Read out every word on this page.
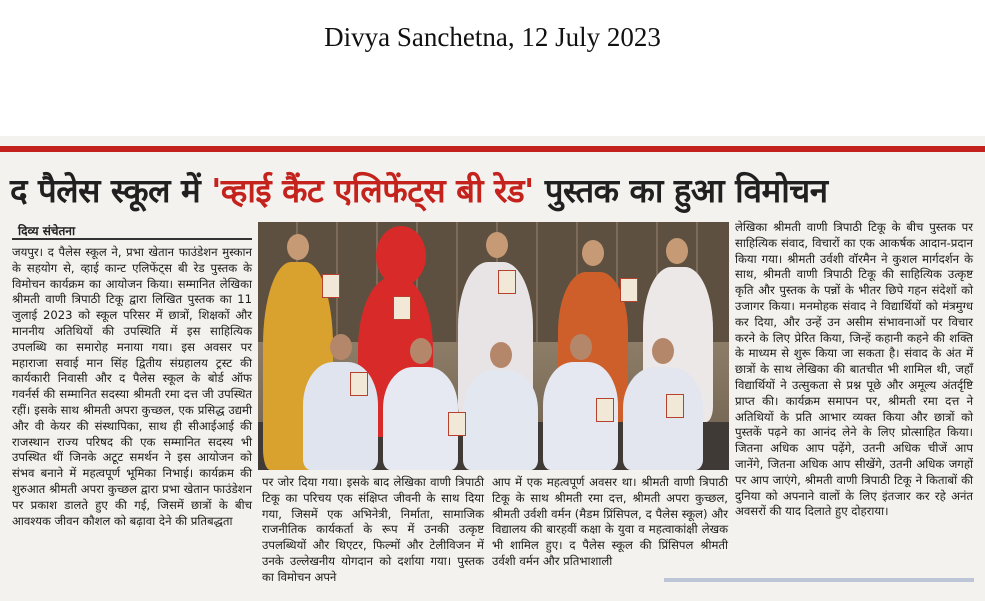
Divya Sanchetna, 12 July 2023
द पैलेस स्कूल में 'व्हाई कैंट एलिफेंट्स बी रेड' पुस्तक का हुआ विमोचन
दिव्य संचेतना

जयपुर। द पैलेस स्कूल ने, प्रभा खेतान फाउंडेशन मुस्कान के सहयोग से, व्हाई कान्ट एलिफेंट्स बी रेड पुस्तक के विमोचन कार्यक्रम का आयोजन किया। सम्मानित लेखिका श्रीमती वाणी त्रिपाठी टिकू द्वारा लिखित पुस्तक का 11 जुलाई 2023 को स्कूल परिसर में छात्रों, शिक्षकों और माननीय अतिथियों की उपस्थिति में इस साहित्यिक उपलब्धि का समारोह मनाया गया। इस अवसर पर महाराजा सवाई मान सिंह द्वितीय संग्रहालय ट्रस्ट की कार्यकारी निवासी और द पैलेस स्कूल के बोर्ड ऑफ गवर्नर्स की सम्मानित सदस्या श्रीमती रमा दत्त जी उपस्थित रहीं। इसके साथ श्रीमती अपरा कुच्छल, एक प्रसिद्ध उद्यमी और वी केयर की संस्थापिका, साथ ही सीआईआई की राजस्थान राज्य परिषद की एक सम्मानित सदस्य भी उपस्थित थीं जिनके अटूट समर्थन ने इस आयोजन को संभव बनाने में महत्वपूर्ण भूमिका निभाई। कार्यक्रम की शुरुआत श्रीमती अपरा कुच्छल द्वारा प्रभा खेतान फाउंडेशन पर प्रकाश डालते हुए की गई, जिसमें छात्रों के बीच आवश्यक जीवन कौशल को बढ़ावा देने की प्रतिबद्धता

पर जोर दिया गया। इसके बाद लेखिका वाणी त्रिपाठी टिकू का परिचय एक संक्षिप्त जीवनी के साथ दिया गया, जिसमें एक अभिनेत्री, निर्माता, सामाजिक राजनीतिक कार्यकर्ता के रूप में उनकी उत्कृष्ट उपलब्धियों और थिएटर, फिल्मों और टेलीविजन में उनके उल्लेखनीय योगदान को दर्शाया गया। पुस्तक का विमोचन अपने

आप में एक महत्वपूर्ण अवसर था। श्रीमती वाणी त्रिपाठी टिकू के साथ श्रीमती रमा दत्त, श्रीमती अपरा कुच्छल, श्रीमती उर्वशी वर्मन (मैडम प्रिंसिपल, द पैलेस स्कूल) और विद्यालय की बारहवीं कक्षा के युवा व महत्वाकांक्षी लेखक भी शामिल हुए। द पैलेस स्कूल की प्रिंसिपल श्रीमती उर्वशी वर्मन और प्रतिभाशाली

लेखिका श्रीमती वाणी त्रिपाठी टिकू के बीच पुस्तक पर साहित्यिक संवाद, विचारों का एक आकर्षक आदान-प्रदान किया गया। श्रीमती उर्वशी वॉरमैन ने कुशल मार्गदर्शन के साथ, श्रीमती वाणी त्रिपाठी टिकू की साहित्यिक उत्कृष्ट कृति और पुस्तक के पन्नों के भीतर छिपे गहन संदेशों को उजागर किया। मनमोहक संवाद ने विद्यार्थियों को मंत्रमुग्ध कर दिया, और उन्हें उन असीम संभावनाओं पर विचार करने के लिए प्रेरित किया, जिन्हें कहानी कहने की शक्ति के माध्यम से शुरू किया जा सकता है। संवाद के अंत में छात्रों के साथ लेखिका की बातचीत भी शामिल थी, जहाँ विद्यार्थियों ने उत्सुकता से प्रश्न पूछे और अमूल्य अंतर्दृष्टि प्राप्त की। कार्यक्रम समापन पर, श्रीमती रमा दत्त ने अतिथियों के प्रति आभार व्यक्त किया और छात्रों को पुस्तकें पढ़ने का आनंद लेने के लिए प्रोत्साहित किया। जितना अधिक आप पढ़ेंगे, उतनी अधिक चीजें आप जानेंगे, जितना अधिक आप सीखेंगे, उतनी अधिक जगहों पर आप जाएंगे, श्रीमती वाणी त्रिपाठी टिकू ने किताबों की दुनिया को अपनाने वालों के लिए इंतजार कर रहे अनंत अवसरों की याद दिलाते हुए दोहराया।
